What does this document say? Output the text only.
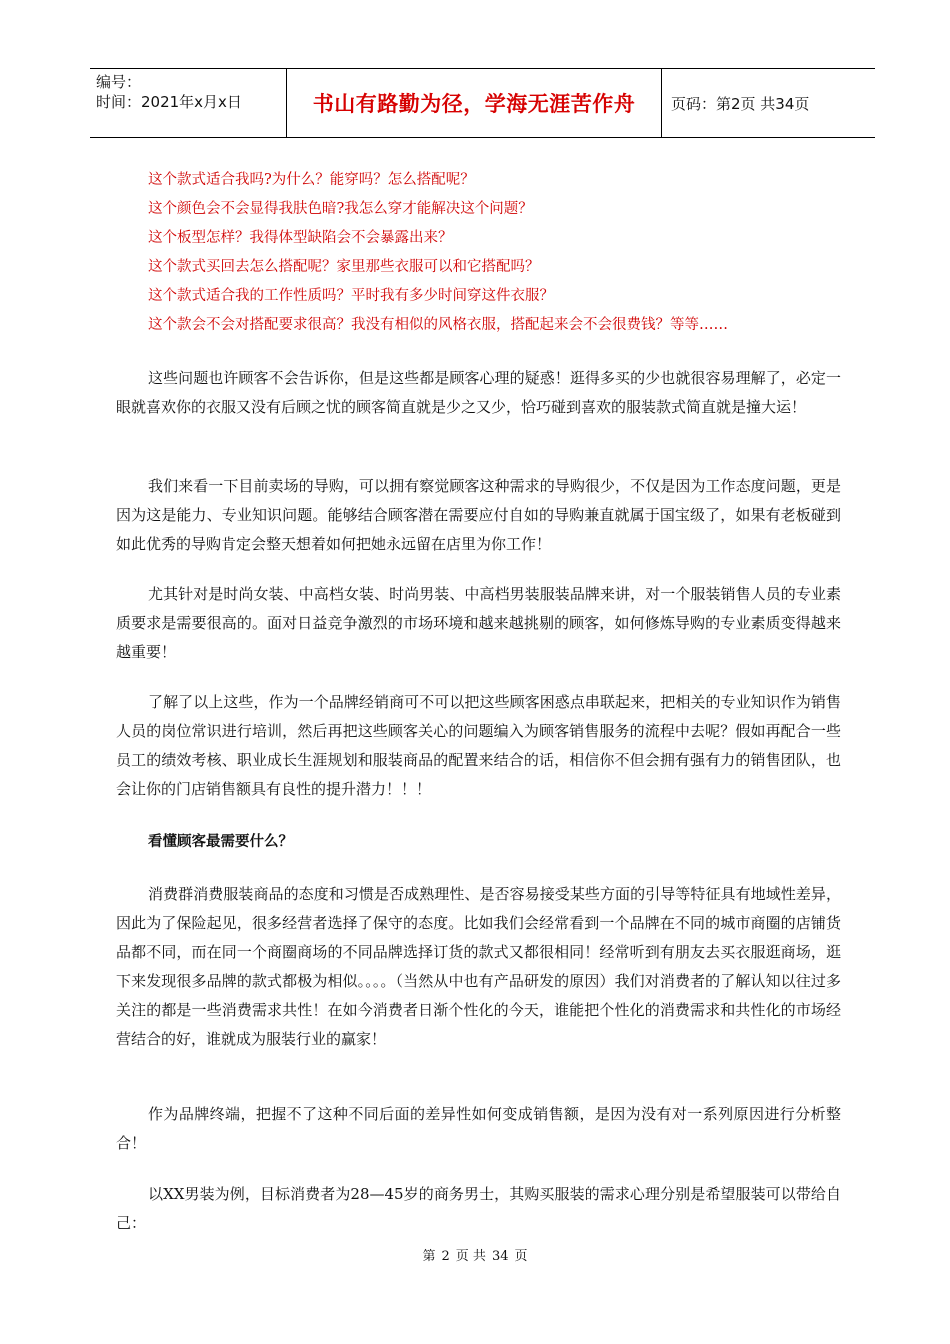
编号：
时间：2021年x月x日	书山有路勤为径，学海无涯苦作舟	页码：第2页 共34页
这个款式适合我吗?为什么？能穿吗？怎么搭配呢？
这个颜色会不会显得我肤色暗?我怎么穿才能解决这个问题？
这个板型怎样？我得体型缺陷会不会暴露出来？
这个款式买回去怎么搭配呢？家里那些衣服可以和它搭配吗？
这个款式适合我的工作性质吗？平时我有多少时间穿这件衣服？
这个款会不会对搭配要求很高？我没有相似的风格衣服，搭配起来会不会很费钱？等等……

这些问题也许顾客不会告诉你，但是这些都是顾客心理的疑惑！逛得多买的少也就很容易理解了，必定一眼就喜欢你的衣服又没有后顾之忧的顾客简直就是少之又少，恰巧碰到喜欢的服装款式简直就是撞大运！

我们来看一下目前卖场的导购，可以拥有察觉顾客这种需求的导购很少，不仅是因为工作态度问题，更是因为这是能力、专业知识问题。能够结合顾客潜在需要应付自如的导购兼直就属于国宝级了，如果有老板碰到如此优秀的导购肯定会整天想着如何把她永远留在店里为你工作！

尤其针对是时尚女装、中高档女装、时尚男装、中高档男装服装品牌来讲，对一个服装销售人员的专业素质要求是需要很高的。面对日益竞争激烈的市场环境和越来越挑剔的顾客，如何修炼导购的专业素质变得越来越重要！

了解了以上这些，作为一个品牌经销商可不可以把这些顾客困惑点串联起来，把相关的专业知识作为销售人员的岗位常识进行培训，然后再把这些顾客关心的问题编入为顾客销售服务的流程中去呢？假如再配合一些员工的绩效考核、职业成长生涯规划和服装商品的配置来结合的话，相信你不但会拥有强有力的销售团队，也会让你的门店销售额具有良性的提升潜力！！！

看懂顾客最需要什么？

消费群消费服装商品的态度和习惯是否成熟理性、是否容易接受某些方面的引导等特征具有地域性差异，因此为了保险起见，很多经营者选择了保守的态度。比如我们会经常看到一个品牌在不同的城市商圈的店铺货品都不同，而在同一个商圈商场的不同品牌选择订货的款式又都很相同！经常听到有朋友去买衣服逛商场，逛下来发现很多品牌的款式都极为相似。。。。（当然从中也有产品研发的原因）我们对消费者的了解认知以往过多关注的都是一些消费需求共性！在如今消费者日渐个性化的今天，谁能把个性化的消费需求和共性化的市场经营结合的好，谁就成为服装行业的赢家！

作为品牌终端，把握不了这种不同后面的差异性如何变成销售额，是因为没有对一系列原因进行分析整合！

以XX男装为例，目标消费者为28—45岁的商务男士，其购买服装的需求心理分别是希望服装可以带给自己：

第 2 页 共 34 页
